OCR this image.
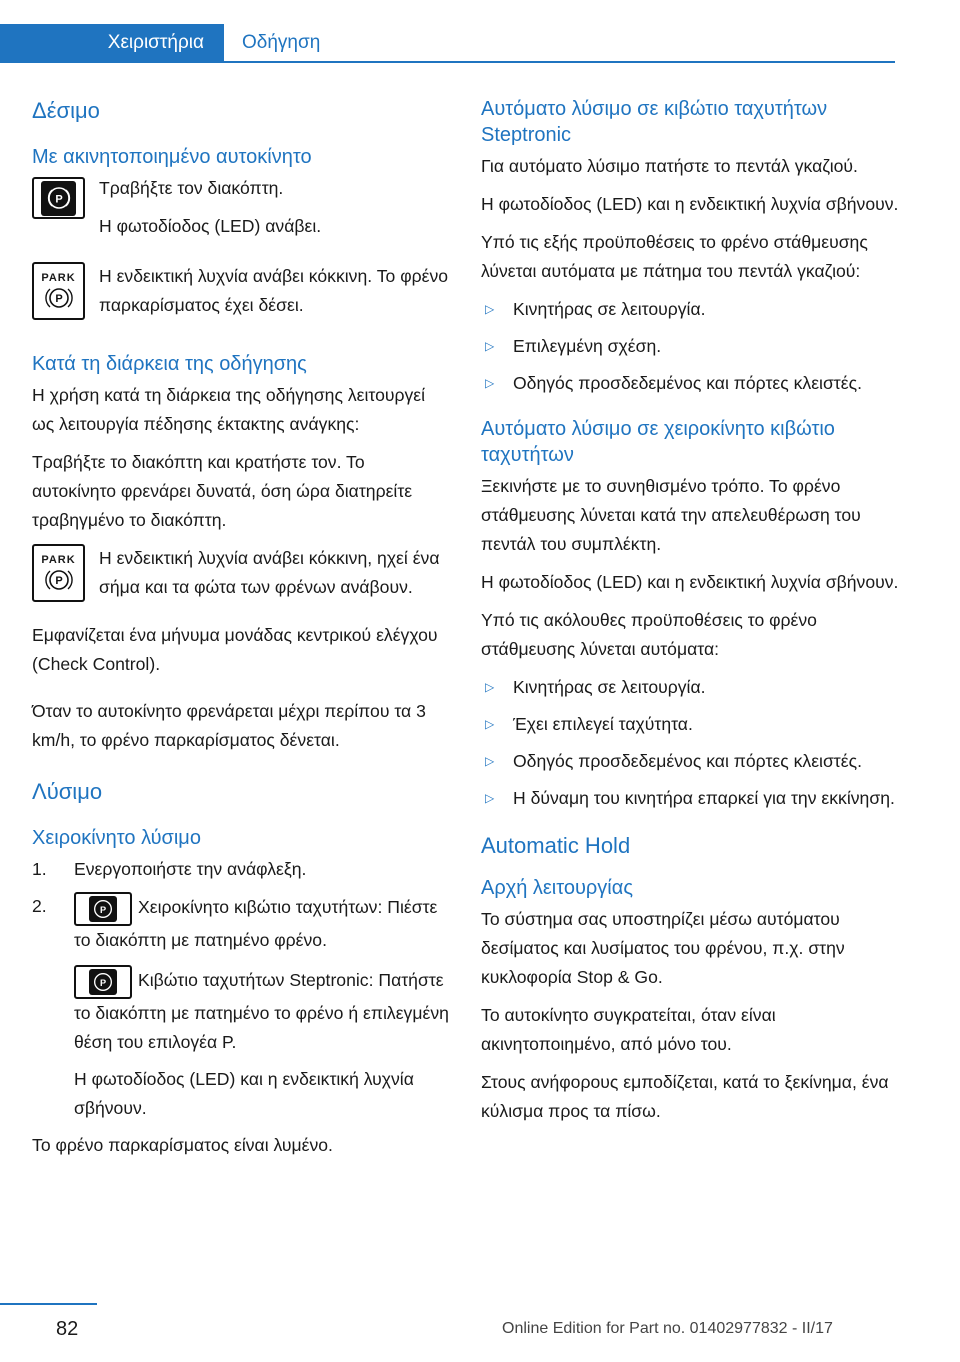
Χειριστήρια	Οδήγηση
Δέσιμο
Με ακινητοποιημένο αυτοκίνητο
P

Τραβήξτε τον διακόπτη.

Η φωτοδίοδος (LED) ανάβει.

PARK
P

Η ενδεικτική λυχνία ανάβει κόκκινη. Το φρένο παρκαρίσματος έχει δέσει.

Κατά τη διάρκεια της οδήγησης

Η χρήση κατά τη διάρκεια της οδήγησης λειτουργεί ως λειτουργία πέδησης έκτακτης ανάγκης:

Τραβήξτε το διακόπτη και κρατήστε τον. Το αυτοκίνητο φρενάρει δυνατά, όση ώρα διατηρείτε τραβηγμένο το διακόπτη.

PARK
P

Η ενδεικτική λυχνία ανάβει κόκκινη, ηχεί ένα σήμα και τα φώτα των φρένων ανάβουν.

Εμφανίζεται ένα μήνυμα μονάδας κεντρικού ελέγχου (Check Control).

Όταν το αυτοκίνητο φρενάρεται μέχρι περίπου τα 3 km/h, το φρένο παρκαρίσματος δένεται.

Λύσιμο
Χειροκίνητο λύσιμο
1.	Ενεργοποιήστε την ανάφλεξη.
2.	P Χειροκίνητο κιβώτιο ταχυτήτων: Πιέστε το διακόπτη με πατημένο φρένο.
P Κιβώτιο ταχυτήτων Steptronic: Πατήστε το διακόπτη με πατημένο το φρένο ή επιλεγμένη θέση του επιλογέα P.
Η φωτοδίοδος (LED) και η ενδεικτική λυχνία σβήνουν.

Το φρένο παρκαρίσματος είναι λυμένο.

Αυτόματο λύσιμο σε κιβώτιο ταχυτήτων Steptronic

Για αυτόματο λύσιμο πατήστε το πεντάλ γκαζιού.

Η φωτοδίοδος (LED) και η ενδεικτική λυχνία σβήνουν.

Υπό τις εξής προϋποθέσεις το φρένο στάθμευσης λύνεται αυτόματα με πάτημα του πεντάλ γκαζιού:

▷	Κινητήρας σε λειτουργία.
▷	Επιλεγμένη σχέση.
▷	Οδηγός προσδεδεμένος και πόρτες κλειστές.
Αυτόματο λύσιμο σε χειροκίνητο κιβώτιο ταχυτήτων

Ξεκινήστε με το συνηθισμένο τρόπο. Το φρένο στάθμευσης λύνεται κατά την απελευθέρωση του πεντάλ του συμπλέκτη.

Η φωτοδίοδος (LED) και η ενδεικτική λυχνία σβήνουν.

Υπό τις ακόλουθες προϋποθέσεις το φρένο στάθμευσης λύνεται αυτόματα:

▷	Κινητήρας σε λειτουργία.
▷	Έχει επιλεγεί ταχύτητα.
▷	Οδηγός προσδεδεμένος και πόρτες κλειστές.
▷	Η δύναμη του κινητήρα επαρκεί για την εκκίνηση.
Automatic Hold
Αρχή λειτουργίας

Το σύστημα σας υποστηρίζει μέσω αυτόματου δεσίματος και λυσίματος του φρένου, π.χ. στην κυκλοφορία Stop & Go.

Το αυτοκίνητο συγκρατείται, όταν είναι ακινητοποιημένο, από μόνο του.

Στους ανήφορους εμποδίζεται, κατά το ξεκίνημα, ένα κύλισμα προς τα πίσω.

82	Online Edition for Part no. 01402977832 - II/17
